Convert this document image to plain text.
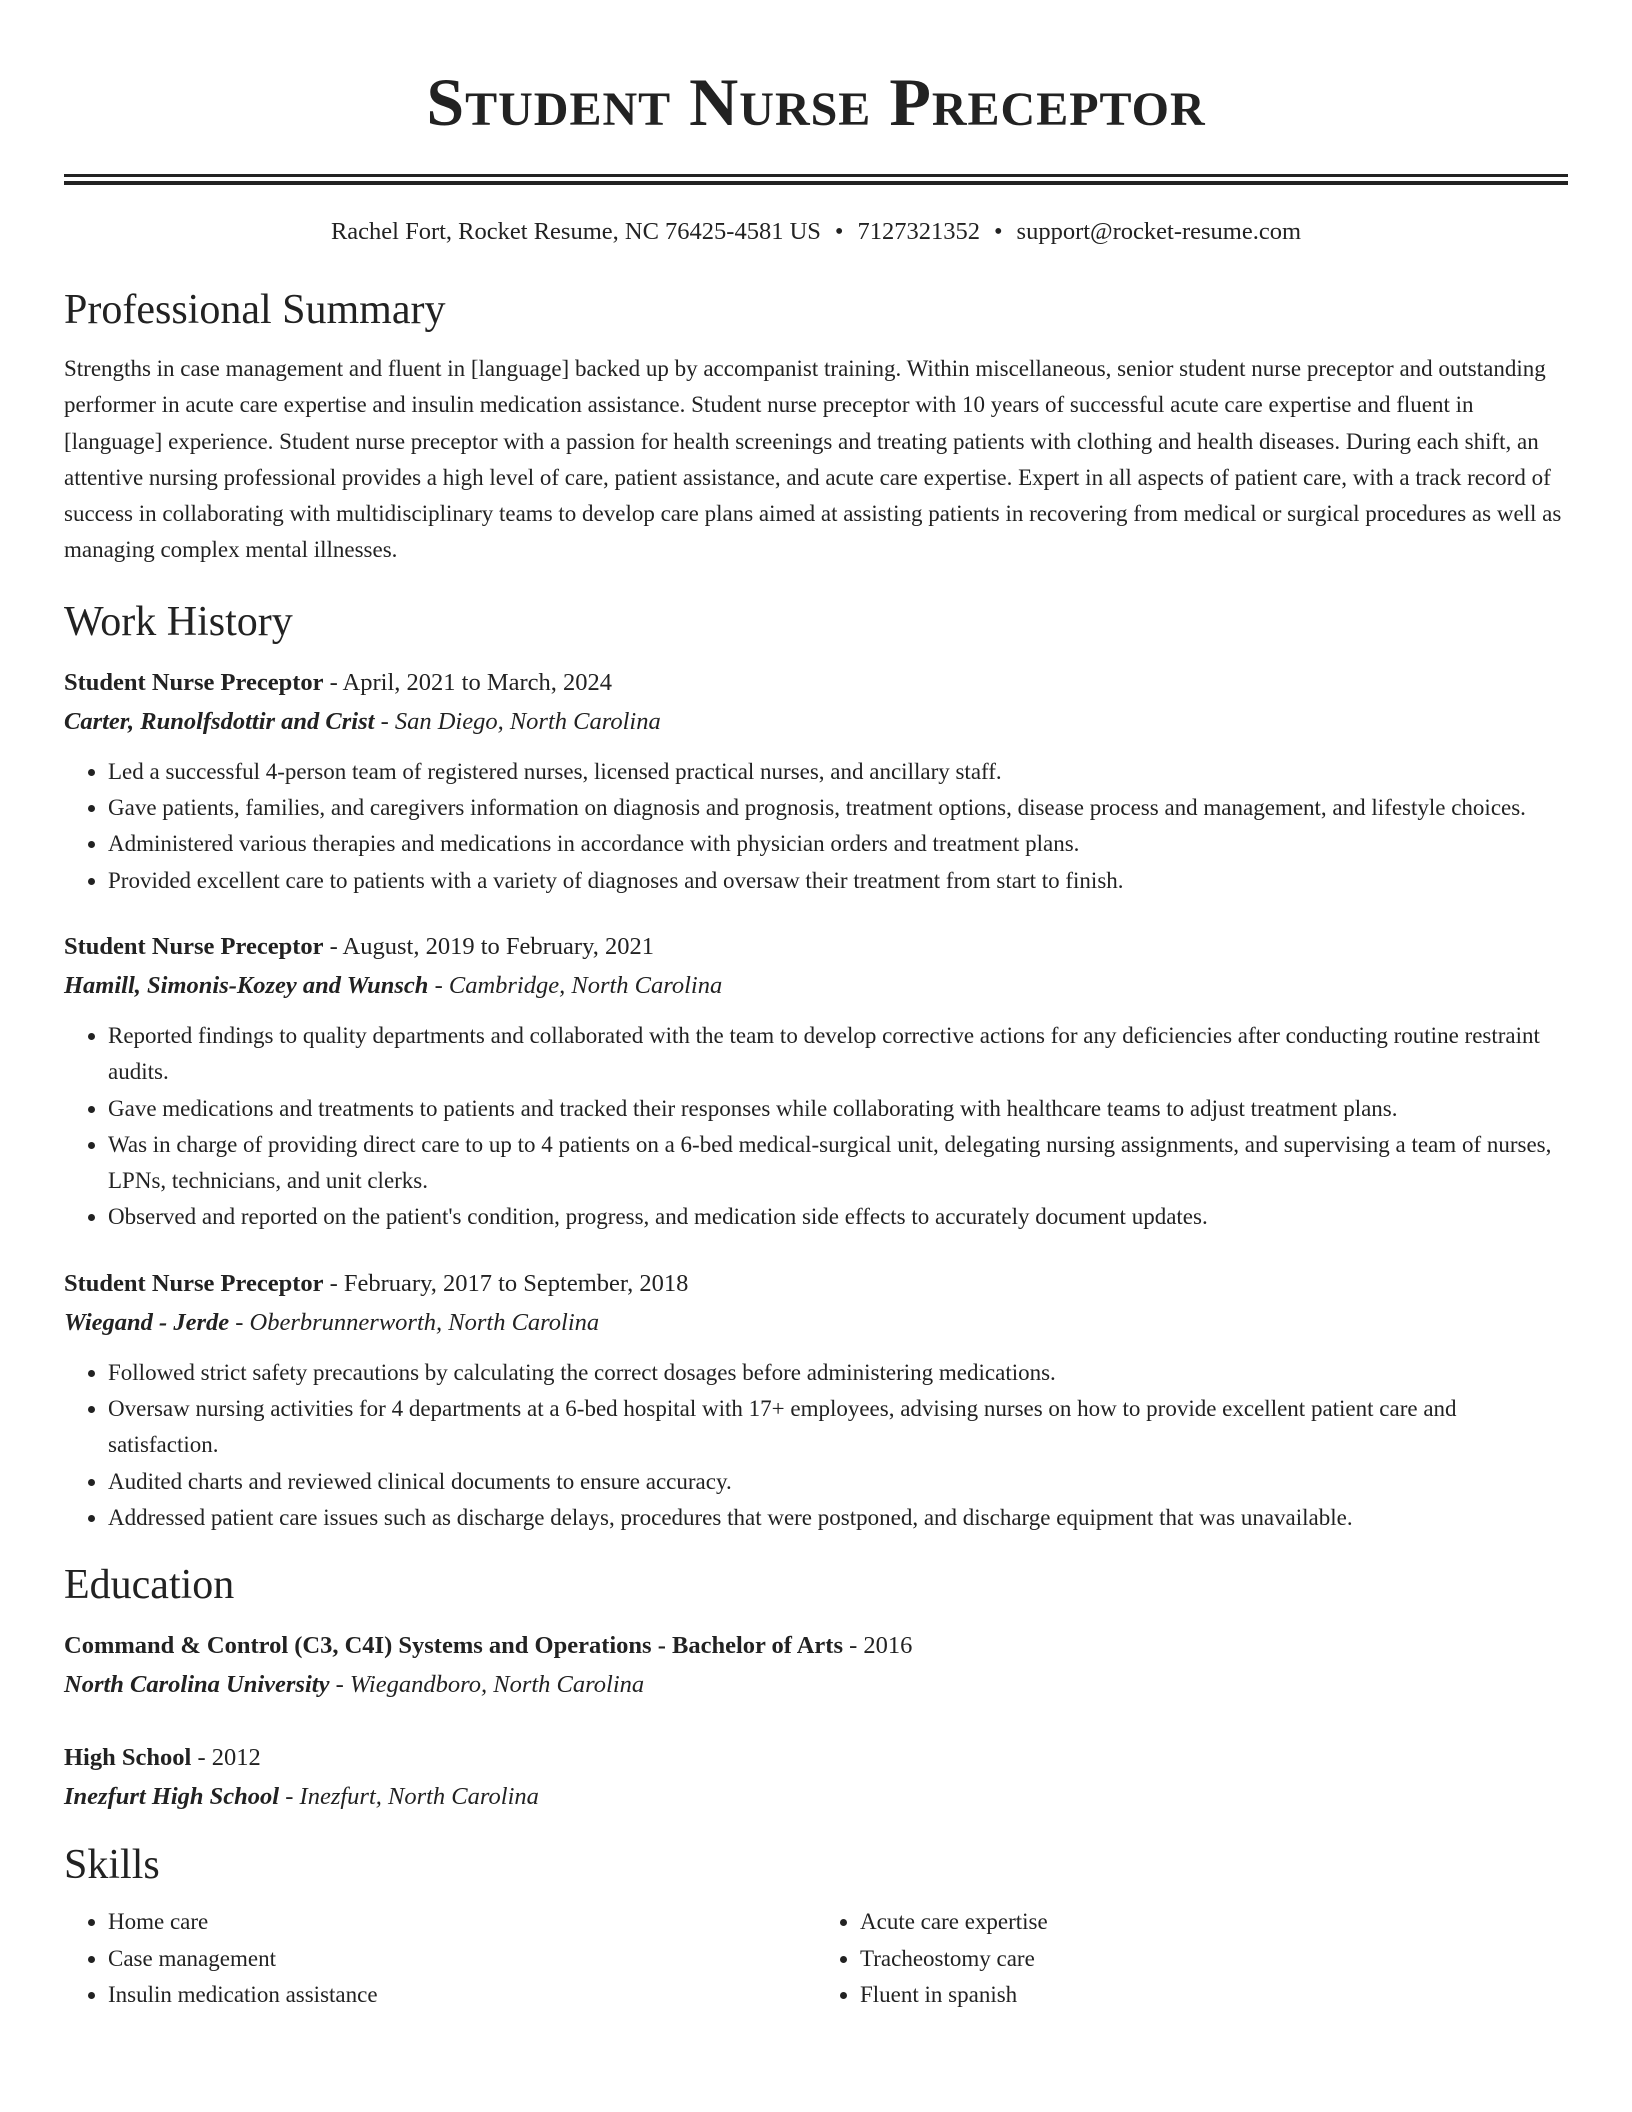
Student Nurse Preceptor
Rachel Fort, Rocket Resume, NC 76425-4581 US • 7127321352 • support@rocket-resume.com
Professional Summary
Strengths in case management and fluent in [language] backed up by accompanist training. Within miscellaneous, senior student nurse preceptor and outstanding performer in acute care expertise and insulin medication assistance. Student nurse preceptor with 10 years of successful acute care expertise and fluent in [language] experience. Student nurse preceptor with a passion for health screenings and treating patients with clothing and health diseases. During each shift, an attentive nursing professional provides a high level of care, patient assistance, and acute care expertise. Expert in all aspects of patient care, with a track record of success in collaborating with multidisciplinary teams to develop care plans aimed at assisting patients in recovering from medical or surgical procedures as well as managing complex mental illnesses.
Work History
Student Nurse Preceptor - April, 2021 to March, 2024
Carter, Runolfsdottir and Crist - San Diego, North Carolina
• Led a successful 4-person team of registered nurses, licensed practical nurses, and ancillary staff.
• Gave patients, families, and caregivers information on diagnosis and prognosis, treatment options, disease process and management, and lifestyle choices.
• Administered various therapies and medications in accordance with physician orders and treatment plans.
• Provided excellent care to patients with a variety of diagnoses and oversaw their treatment from start to finish.
Student Nurse Preceptor - August, 2019 to February, 2021
Hamill, Simonis-Kozey and Wunsch - Cambridge, North Carolina
• Reported findings to quality departments and collaborated with the team to develop corrective actions for any deficiencies after conducting routine restraint audits.
• Gave medications and treatments to patients and tracked their responses while collaborating with healthcare teams to adjust treatment plans.
• Was in charge of providing direct care to up to 4 patients on a 6-bed medical-surgical unit, delegating nursing assignments, and supervising a team of nurses, LPNs, technicians, and unit clerks.
• Observed and reported on the patient's condition, progress, and medication side effects to accurately document updates.
Student Nurse Preceptor - February, 2017 to September, 2018
Wiegand - Jerde - Oberbrunnerworth, North Carolina
• Followed strict safety precautions by calculating the correct dosages before administering medications.
• Oversaw nursing activities for 4 departments at a 6-bed hospital with 17+ employees, advising nurses on how to provide excellent patient care and satisfaction.
• Audited charts and reviewed clinical documents to ensure accuracy.
• Addressed patient care issues such as discharge delays, procedures that were postponed, and discharge equipment that was unavailable.
Education
Command & Control (C3, C4I) Systems and Operations - Bachelor of Arts - 2016
North Carolina University - Wiegandboro, North Carolina
High School - 2012
Inezfurt High School - Inezfurt, North Carolina
Skills
• Home care
• Case management
• Insulin medication assistance
• Acute care expertise
• Tracheostomy care
• Fluent in spanish
